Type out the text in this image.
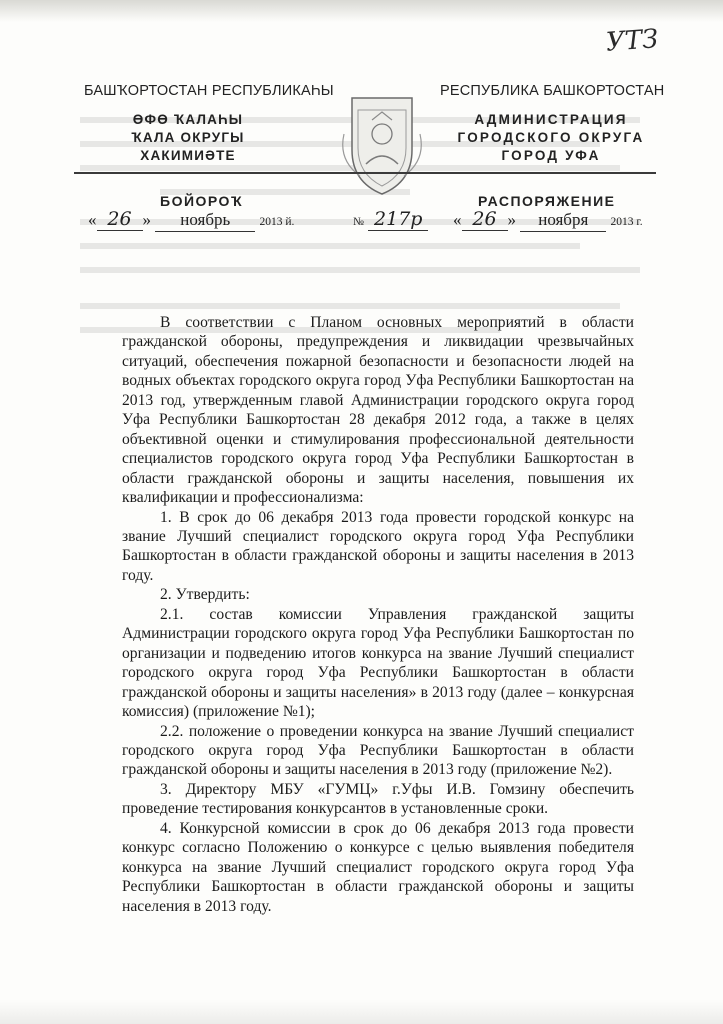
УТЗ
БАШҠОРТОСТАН РЕСПУБЛИКАҺЫ	РЕСПУБЛИКА БАШКОРТОСТАН
ӨФӨ ҠАЛАҺЫ
ҠАЛА ОКРУГЫ
ХАКИМИӘТЕ
АДМИНИСТРАЦИЯ
ГОРОДСКОГО ОКРУГА
ГОРОД УФА
БОЙОРОҠ	РАСПОРЯЖЕНИЕ
« 26 » ноябрь	2013 й.	№ 217р	« 26 » ноября 2013 г.

В соответствии с Планом основных мероприятий в области гражданской обороны, предупреждения и ликвидации чрезвычайных ситуаций, обеспечения пожарной безопасности и безопасности людей на водных объектах городского округа город Уфа Республики Башкортостан на 2013 год, утвержденным главой Администрации городского округа город Уфа Республики Башкортостан 28 декабря 2012 года, а также в целях объективной оценки и стимулирования профессиональной деятельности специалистов городского округа город Уфа Республики Башкортостан в области гражданской обороны и защиты населения, повышения их квалификации и профессионализма:

1. В срок до 06 декабря 2013 года провести городской конкурс на звание Лучший специалист городского округа город Уфа Республики Башкортостан в области гражданской обороны и защиты населения в 2013 году.

2. Утвердить:

2.1. состав комиссии Управления гражданской защиты Администрации городского округа город Уфа Республики Башкортостан по организации и подведению итогов конкурса на звание Лучший специалист городского округа город Уфа Республики Башкортостан в области гражданской обороны и защиты населения» в 2013 году (далее – конкурсная комиссия) (приложение №1);

2.2. положение о проведении конкурса на звание Лучший специалист городского округа город Уфа Республики Башкортостан в области гражданской обороны и защиты населения в 2013 году (приложение №2).

3. Директору МБУ «ГУМЦ» г.Уфы И.В. Гомзину обеспечить проведение тестирования конкурсантов в установленные сроки.

4. Конкурсной комиссии в срок до 06 декабря 2013 года провести конкурс согласно Положению о конкурсе с целью выявления победителя конкурса на звание Лучший специалист городского округа город Уфа Республики Башкортостан в области гражданской обороны и защиты населения в 2013 году.
